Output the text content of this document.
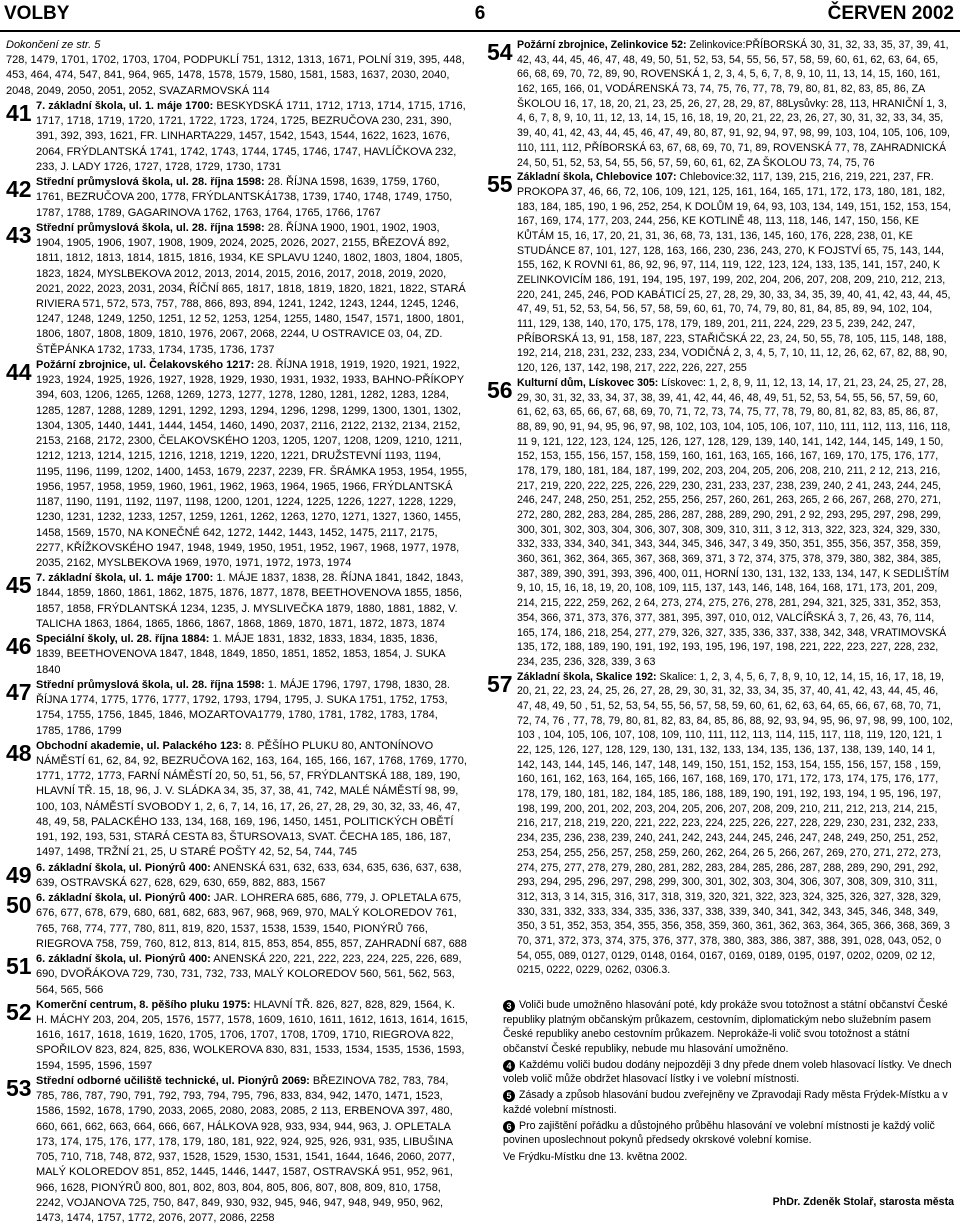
VOLBY	6	ČERVEN 2002

Dokončení ze str. 5

728, 1479, 1701, 1702, 1703, 1704, PODPUKLÍ 751, 1312, 1313, 1671, POLNÍ 319, 395, 448, 453, 464, 474, 547, 841, 964, 965, 1478, 1578, 1579, 1580, 1581, 1583, 1637, 2030, 2040, 2048, 2049, 2050, 2051, 2052, SVAZARMOVSKÁ 114

41 7. základní škola, ul. 1. máje 1700: BESKYDSKÁ 1711, 1712, 1713, 1714, 1715, 1716, 1717, 1718, 1719, 1720, 1721, 1722, 1723, 1724, 1725, BEZRUČOVA 230, 231, 390, 391, 392, 393, 1621, FR. LINHARTA229, 1457, 1542, 1543, 1544, 1622, 1623, 1676, 2064, FRÝDLANTSKÁ 1741, 1742, 1743, 1744, 1745, 1746, 1747, HAVLÍČKOVA 232, 233, J. LADY 1726, 1727, 1728, 1729, 1730, 1731
42 Střední průmyslová škola, ul. 28. října 1598: 28. ŘÍJNA 1598, 1639, 1759, 1760, 1761, BEZRUČOVA 200, 1778, FRÝDLANTSKÁ1738, 1739, 1740, 1748, 1749, 1750, 1787, 1788, 1789, GAGARINOVA 1762, 1763, 1764, 1765, 1766, 1767
43 Střední průmyslová škola, ul. 28. října 1598: 28. ŘÍJNA 1900, 1901, 1902, 1903, 1904, 1905, 1906, 1907, 1908, 1909, 2024, 2025, 2026, 2027, 2155, BŘEZOVÁ 892, 1811, 1812, 1813, 1814, 1815, 1816, 1934, KE SPLAVU 1240, 1802, 1803, 1804, 1805, 1823, 1824, MYSLBEKOVA 2012, 2013, 2014, 2015, 2016, 2017, 2018, 2019, 2020, 2021, 2022, 2023, 2031, 2034, ŘÍČNÍ 865, 1817, 1818, 1819, 1820, 1821, 1822, STARÁ RIVIERA 571, 572, 573, 757, 788, 866, 893, 894, 1241, 1242, 1243, 1244, 1245, 1246, 1247, 1248, 1249, 1250, 1251, 12 52, 1253, 1254, 1255, 1480, 1547, 1571, 1800, 1801, 1806, 1807, 1808, 1809, 1810, 1976, 2067, 2068, 2244, U OSTRAVICE 03, 04, ZD. ŠTĚPÁNKA 1732, 1733, 1734, 1735, 1736, 1737
44 Požární zbrojnice, ul. Čelakovského 1217: 28. ŘÍJNA 1918, 1919, 1920, 1921, 1922, 1923, 1924, 1925, 1926, 1927, 1928, 1929, 1930, 1931, 1932, 1933, BAHNO-PŘÍKOPY 394, 603, 1206, 1265, 1268, 1269, 1273, 1277, 1278, 1280, 1281, 1282, 1283, 1284, 1285, 1287, 1288, 1289, 1291, 1292, 1293, 1294, 1296, 1298, 1299, 1300, 1301, 1302, 1304, 1305, 1440, 1441, 1444, 1454, 1460, 1490, 2037, 2116, 2122, 2132, 2134, 2152, 2153, 2168, 2172, 2300, ČELAKOVSKÉHO 1203, 1205, 1207, 1208, 1209, 1210, 1211, 1212, 1213, 1214, 1215, 1216, 1218, 1219, 1220, 1221, DRUŽSTEVNÍ 1193, 1194, 1195, 1196, 1199, 1202, 1400, 1453, 1679, 2237, 2239, FR. ŠRÁMKA 1953, 1954, 1955, 1956, 1957, 1958, 1959, 1960, 1961, 1962, 1963, 1964, 1965, 1966, FRÝDLANTSKÁ 1187, 1190, 1191, 1192, 1197, 1198, 1200, 1201, 1224, 1225, 1226, 1227, 1228, 1229, 1230, 1231, 1232, 1233, 1257, 1259, 1261, 1262, 1263, 1270, 1271, 1327, 1360, 1455, 1458, 1569, 1570, NA KONEČNÉ 642, 1272, 1442, 1443, 1452, 1475, 2117, 2175, 2277, KŘÍŽKOVSKÉHO 1947, 1948, 1949, 1950, 1951, 1952, 1967, 1968, 1977, 1978, 2035, 2162, MYSLBEKOVA 1969, 1970, 1971, 1972, 1973, 1974
45 7. základní škola, ul. 1. máje 1700: 1. MÁJE 1837, 1838, 28. ŘÍJNA 1841, 1842, 1843, 1844, 1859, 1860, 1861, 1862, 1875, 1876, 1877, 1878, BEETHOVENOVA 1855, 1856, 1857, 1858, FRÝDLANTSKÁ 1234, 1235, J. MYSLIVEČKA 1879, 1880, 1881, 1882, V. TALICHA 1863, 1864, 1865, 1866, 1867, 1868, 1869, 1870, 1871, 1872, 1873, 1874
46 Speciální školy, ul. 28. října 1884: 1. MÁJE 1831, 1832, 1833, 1834, 1835, 1836, 1839, BEETHOVENOVA 1847, 1848, 1849, 1850, 1851, 1852, 1853, 1854, J. SUKA 1840
47 Střední průmyslová škola, ul. 28. října 1598: 1. MÁJE 1796, 1797, 1798, 1830, 28. ŘÍJNA 1774, 1775, 1776, 1777, 1792, 1793, 1794, 1795, J. SUKA 1751, 1752, 1753, 1754, 1755, 1756, 1845, 1846, MOZARTOVA1779, 1780, 1781, 1782, 1783, 1784, 1785, 1786, 1799
48 Obchodní akademie, ul. Palackého 123: 8. PĚŠÍHO PLUKU 80, ANTONÍNOVO NÁMĚSTÍ 61, 62, 84, 92, BEZRUČOVA 162, 163, 164, 165, 166, 167, 1768, 1769, 1770, 1771, 1772, 1773, FARNÍ NÁMĚSTÍ 20, 50, 51, 56, 57, FRÝDLANTSKÁ 188, 189, 190, HLAVNÍ TŘ. 15, 18, 96, J. V. SLÁDKA 34, 35, 37, 38, 41, 742, MALÉ NÁMĚSTÍ 98, 99, 100, 103, NÁMĚSTÍ SVOBODY 1, 2, 6, 7, 14, 16, 17, 26, 27, 28, 29, 30, 32, 33, 46, 47, 48, 49, 58, PALACKÉHO 133, 134, 168, 169, 196, 1450, 1451, POLITICKÝCH OBĚTÍ 191, 192, 193, 531, STARÁ CESTA 83, ŠTURSOVA13, SVAT. ČECHA 185, 186, 187, 1497, 1498, TRŽNÍ 21, 25, U STARÉ POŠTY 42, 52, 54, 744, 745
49 6. základní škola, ul. Pionýrů 400: ANENSKÁ 631, 632, 633, 634, 635, 636, 637, 638, 639, OSTRAVSKÁ 627, 628, 629, 630, 659, 882, 883, 1567
50 6. základní škola, ul. Pionýrů 400: JAR. LOHRERA 685, 686, 779, J. OPLETALA 675, 676, 677, 678, 679, 680, 681, 682, 683, 967, 968, 969, 970, MALÝ KOLOREDOV 761, 765, 768, 774, 777, 780, 811, 819, 820, 1537, 1538, 1539, 1540, PIONÝRŮ 766, RIEGROVA 758, 759, 760, 812, 813, 814, 815, 853, 854, 855, 857, ZAHRADNÍ 687, 688
51 6. základní škola, ul. Pionýrů 400: ANENSKÁ 220, 221, 222, 223, 224, 225, 226, 689, 690, DVOŘÁKOVA 729, 730, 731, 732, 733, MALÝ KOLOREDOV 560, 561, 562, 563, 564, 565, 566
52 Komerční centrum, 8. pěšího pluku 1975: HLAVNÍ TŘ. 826, 827, 828, 829, 1564, K. H. MÁCHY 203, 204, 205, 1576, 1577, 1578, 1609, 1610, 1611, 1612, 1613, 1614, 1615, 1616, 1617, 1618, 1619, 1620, 1705, 1706, 1707, 1708, 1709, 1710, RIEGROVA 822, SPOŘILOV 823, 824, 825, 836, WOLKEROVA 830, 831, 1533, 1534, 1535, 1536, 1593, 1594, 1595, 1596, 1597
53 Střední odborné učiliště technické, ul. Pionýrů 2069: BŘEZINOVA 782, 783, 784, 785, 786, 787, 790, 791, 792, 793, 794, 795, 796, 833, 834, 942, 1470, 1471, 1523, 1586, 1592, 1678, 1790, 2033, 2065, 2080, 2083, 2085, 2 113, ERBENOVA 397, 480, 660, 661, 662, 663, 664, 666, 667, HÁLKOVA 928, 933, 934, 944, 963, J. OPLETALA 173, 174, 175, 176, 177, 178, 179, 180, 181, 922, 924, 925, 926, 931, 935, LIBUŠINA 705, 710, 718, 748, 872, 937, 1528, 1529, 1530, 1531, 1541, 1644, 1646, 2060, 2077, MALÝ KOLOREDOV 851, 852, 1445, 1446, 1447, 1587, OSTRAVSKÁ 951, 952, 961, 966, 1628, PIONÝRŮ 800, 801, 802, 803, 804, 805, 806, 807, 808, 809, 810, 1758, 2242, VOJANOVA 725, 750, 847, 849, 930, 932, 945, 946, 947, 948, 949, 950, 962, 1473, 1474, 1757, 1772, 2076, 2077, 2086, 2258
54 Požární zbrojnice, Zelinkovice 52: Zelinkovice:PŘÍBORSKÁ 30, 31, 32, 33, 35, 37, 39, 41, 42, 43, 44, 45, 46, 47, 48, 49, 50, 51, 52, 53, 54, 55, 56, 57, 58, 59, 60, 61, 62, 63, 64, 65, 66, 68, 69, 70, 72, 89, 90, ROVENSKÁ 1, 2, 3, 4, 5, 6, 7, 8, 9, 10, 11, 13, 14, 15, 160, 161, 162, 165, 166, 01, VODÁRENSKÁ 73, 74, 75, 76, 77, 78, 79, 80, 81, 82, 83, 85, 86, ZA ŠKOLOU 16, 17, 18, 20, 21, 23, 25, 26, 27, 28, 29, 87, 88Lysůvky: 28, 113, HRANIČNÍ 1, 3, 4, 6, 7, 8, 9, 10, 11, 12, 13, 14, 15, 16, 18, 19, 20, 21, 22, 23, 26, 27, 30, 31, 32, 33, 34, 35, 39, 40, 41, 42, 43, 44, 45, 46, 47, 49, 80, 87, 91, 92, 94, 97, 98, 99, 103, 104, 105, 106, 109, 110, 111, 112, PŘÍBORSKÁ 63, 67, 68, 69, 70, 71, 89, ROVENSKÁ 77, 78, ZAHRADNICKÁ 24, 50, 51, 52, 53, 54, 55, 56, 57, 59, 60, 61, 62, ZA ŠKOLOU 73, 74, 75, 76
55 Základní škola, Chlebovice 107: Chlebovice:32, 117, 139, 215, 216, 219, 221, 237, FR. PROKOPA 37, 46, 66, 72, 106, 109, 121, 125, 161, 164, 165, 171, 172, 173, 180, 181, 182, 183, 184, 185, 190, 1 96, 252, 254, K DOLŮM 19, 64, 93, 103, 134, 149, 151, 152, 153, 154, 167, 169, 174, 177, 203, 244, 256, KE KOTLINĚ 48, 113, 118, 146, 147, 150, 156, KE KŮTÁM 15, 16, 17, 20, 21, 31, 36, 68, 73, 131, 136, 145, 160, 176, 228, 238, 01, KE STUDÁNCE 87, 101, 127, 128, 163, 166, 230, 236, 243, 270, K FOJSTVÍ 65, 75, 143, 144, 155, 162, K ROVNI 61, 86, 92, 96, 97, 114, 119, 122, 123, 124, 133, 135, 141, 157, 240, K ZELINKOVICÍM 186, 191, 194, 195, 197, 199, 202, 204, 206, 207, 208, 209, 210, 212, 213, 220, 241, 245, 246, POD KABÁTICÍ 25, 27, 28, 29, 30, 33, 34, 35, 39, 40, 41, 42, 43, 44, 45, 47, 49, 51, 52, 53, 54, 56, 57, 58, 59, 60, 61, 70, 74, 79, 80, 81, 84, 85, 89, 94, 102, 104, 111, 129, 138, 140, 170, 175, 178, 179, 189, 201, 211, 224, 229, 23 5, 239, 242, 247, PŘÍBORSKÁ 13, 91, 158, 187, 223, STAŘIČSKÁ 22, 23, 24, 50, 55, 78, 105, 115, 148, 188, 192, 214, 218, 231, 232, 233, 234, VODIČNÁ 2, 3, 4, 5, 7, 10, 11, 12, 26, 62, 67, 82, 88, 90, 120, 126, 137, 142, 198, 217, 222, 226, 227, 255
56 Kulturní dům, Lískovec 305: Lískovec: 1, 2, 8, 9, 11, 12, 13, 14, 17, 21, 23, 24, 25, 27, 28, 29, 30, 31, 32, 33, 34, 37, 38, 39, 41, 42, 44, 46, 48, 49, 51, 52, 53, 54, 55, 56, 57, 59, 60, 61, 62, 63, 65, 66, 67, 68, 69, 70, 71, 72, 73, 74, 75, 77, 78, 79, 80, 81, 82, 83, 85, 86, 87, 88, 89, 90, 91, 94, 95, 96, 97, 98, 102, 103, 104, 105, 106, 107, 110, 111, 112, 113, 116, 118, 11 9, 121, 122, 123, 124, 125, 126, 127, 128, 129, 139, 140, 141, 142, 144, 145, 149, 1 50, 152, 153, 155, 156, 157, 158, 159, 160, 161, 163, 165, 166, 167, 169, 170, 175, 176, 177, 178, 179, 180, 181, 184, 187, 199, 202, 203, 204, 205, 206, 208, 210, 211, 2 12, 213, 216, 217, 219, 220, 222, 225, 226, 229, 230, 231, 233, 237, 238, 239, 240, 2 41, 243, 244, 245, 246, 247, 248, 250, 251, 252, 255, 256, 257, 260, 261, 263, 265, 2 66, 267, 268, 270, 271, 272, 280, 282, 283, 284, 285, 286, 287, 288, 289, 290, 291, 2 92, 293, 295, 297, 298, 299, 300, 301, 302, 303, 304, 306, 307, 308, 309, 310, 311, 3 12, 313, 322, 323, 324, 329, 330, 332, 333, 334, 340, 341, 343, 344, 345, 346, 347, 3 49, 350, 351, 355, 356, 357, 358, 359, 360, 361, 362, 364, 365, 367, 368, 369, 371, 3 72, 374, 375, 378, 379, 380, 382, 384, 385, 387, 389, 390, 391, 393, 396, 400, 011, HORNÍ 130, 131, 132, 133, 134, 147, K SEDLIŠTÍM 9, 10, 15, 16, 18, 19, 20, 108, 109, 115, 137, 143, 146, 148, 164, 168, 171, 173, 201, 209, 214, 215, 222, 259, 262, 2 64, 273, 274, 275, 276, 278, 281, 294, 321, 325, 331, 352, 353, 354, 366, 371, 373, 376, 377, 381, 395, 397, 010, 012, VALCÍŘSKÁ 3, 7, 26, 43, 76, 114, 165, 174, 186, 218, 254, 277, 279, 326, 327, 335, 336, 337, 338, 342, 348, VRATIMOVSKÁ 135, 172, 188, 189, 190, 191, 192, 193, 195, 196, 197, 198, 221, 222, 223, 227, 228, 232, 234, 235, 236, 328, 339, 3 63
57 Základní škola, Skalice 192: Skalice: 1, 2, 3, 4, 5, 6, 7, 8, 9, 10, 12, 14, 15, 16, 17, 18, 19, 20, 21, 22, 23, 24, 25, 26, 27, 28, 29, 30, 31, 32, 33, 34, 35, 37, 40, 41, 42, 43, 44, 45, 46, 47, 48, 49, 50 , 51, 52, 53, 54, 55, 56, 57, 58, 59, 60, 61, 62, 63, 64, 65, 66, 67, 68, 70, 71, 72, 74, 76 , 77, 78, 79, 80, 81, 82, 83, 84, 85, 86, 88, 92, 93, 94, 95, 96, 97, 98, 99, 100, 102, 103 , 104, 105, 106, 107, 108, 109, 110, 111, 112, 113, 114, 115, 117, 118, 119, 120, 121, 1 22, 125, 126, 127, 128, 129, 130, 131, 132, 133, 134, 135, 136, 137, 138, 139, 140, 14 1, 142, 143, 144, 145, 146, 147, 148, 149, 150, 151, 152, 153, 154, 155, 156, 157, 158 , 159, 160, 161, 162, 163, 164, 165, 166, 167, 168, 169, 170, 171, 172, 173, 174, 175, 176, 177, 178, 179, 180, 181, 182, 184, 185, 186, 188, 189, 190, 191, 192, 193, 194, 1 95, 196, 197, 198, 199, 200, 201, 202, 203, 204, 205, 206, 207, 208, 209, 210, 211, 212, 213, 214, 215, 216, 217, 218, 219, 220, 221, 222, 223, 224, 225, 226, 227, 228, 229, 230, 231, 232, 233, 234, 235, 236, 238, 239, 240, 241, 242, 243, 244, 245, 246, 247, 248, 249, 250, 251, 252, 253, 254, 255, 256, 257, 258, 259, 260, 262, 264, 26 5, 266, 267, 269, 270, 271, 272, 273, 274, 275, 277, 278, 279, 280, 281, 282, 283, 284, 285, 286, 287, 288, 289, 290, 291, 292, 293, 294, 295, 296, 297, 298, 299, 300, 301, 302, 303, 304, 306, 307, 308, 309, 310, 311, 312, 313, 3 14, 315, 316, 317, 318, 319, 320, 321, 322, 323, 324, 325, 326, 327, 328, 329, 330, 331, 332, 333, 334, 335, 336, 337, 338, 339, 340, 341, 342, 343, 345, 346, 348, 349, 350, 3 51, 352, 353, 354, 355, 356, 358, 359, 360, 361, 362, 363, 364, 365, 366, 368, 369, 3 70, 371, 372, 373, 374, 375, 376, 377, 378, 380, 383, 386, 387, 388, 391, 028, 043, 052, 0 54, 055, 089, 0127, 0129, 0148, 0164, 0167, 0169, 0189, 0195, 0197, 0202, 0209, 02 12, 0215, 0222, 0229, 0262, 0306.3.
3 Voliči bude umožněno hlasování poté, kdy prokáže svou totožnost a státní občanství České republiky platným občanským průkazem, cestovním, diplomatickým nebo služebním pasem České republiky anebo cestovním průkazem. Neprokáže-li volič svou totožnost a státní občanství České republiky, nebude mu hlasování umožněno.
4 Každému voliči budou dodány nejpozději 3 dny přede dnem voleb hlasovací lístky. Ve dnech voleb volič může obdržet hlasovací lístky i ve volební místnosti.
5 Zásady a způsob hlasování budou zveřejněny ve Zpravodaji Rady města Frýdek-Místku a v každé volební místnosti.
6 Pro zajištění pořádku a důstojného průběhu hlasování ve volební místnosti je každý volič povinen uposlechnout pokynů předsedy okrskové volební komise.

Ve Frýdku-Místku dne 13. května 2002.

PhDr. Zdeněk Stolař, starosta města
